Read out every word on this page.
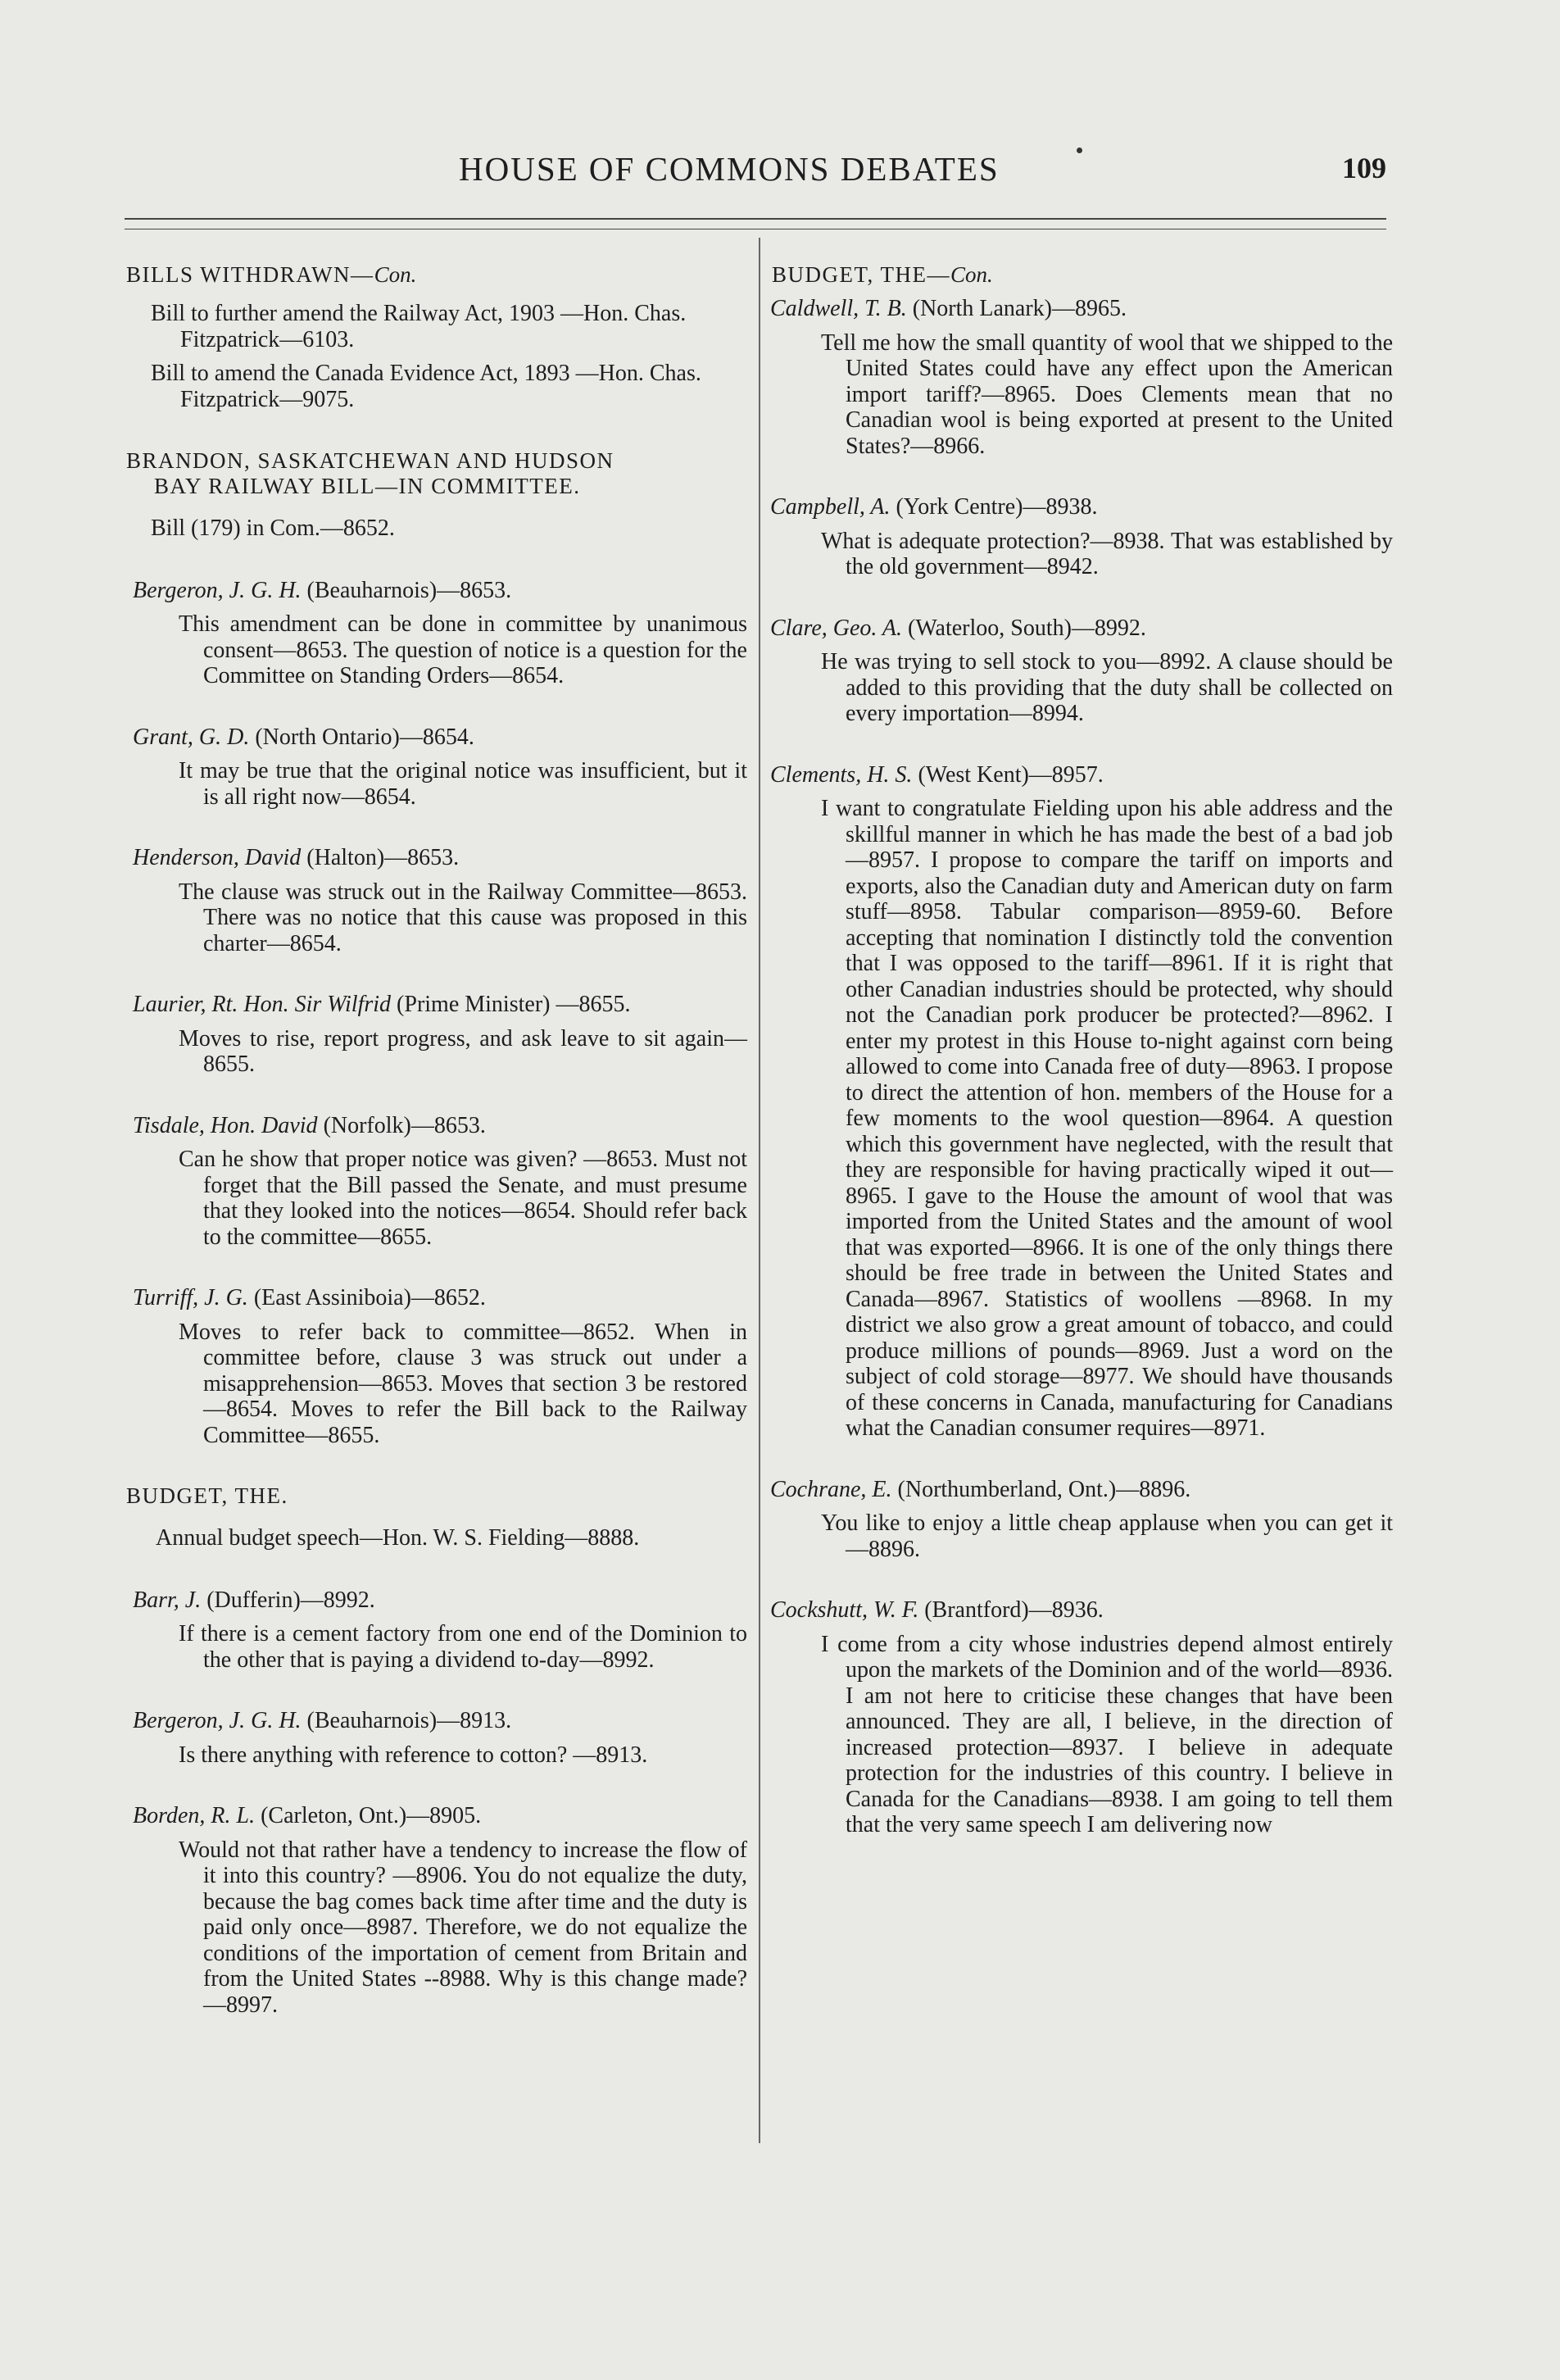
HOUSE OF COMMONS DEBATES	109
BILLS WITHDRAWN—Con.
Bill to further amend the Railway Act, 1903 —Hon. Chas. Fitzpatrick—6103.
Bill to amend the Canada Evidence Act, 1893 —Hon. Chas. Fitzpatrick—9075.
BRANDON, SASKATCHEWAN AND HUDSON
BAY RAILWAY BILL—IN COMMITTEE.
Bill (179) in Com.—8652.
Bergeron, J. G. H. (Beauharnois)—8653.
This amendment can be done in committee by unanimous consent—8653. The question of notice is a question for the Committee on Standing Orders—8654.
Grant, G. D. (North Ontario)—8654.
It may be true that the original notice was insufficient, but it is all right now—8654.
Henderson, David (Halton)—8653.
The clause was struck out in the Railway Committee—8653. There was no notice that this cause was proposed in this charter—8654.
Laurier, Rt. Hon. Sir Wilfrid (Prime Minister) —8655.
Moves to rise, report progress, and ask leave to sit again—8655.
Tisdale, Hon. David (Norfolk)—8653.
Can he show that proper notice was given? —8653. Must not forget that the Bill passed the Senate, and must presume that they looked into the notices—8654. Should refer back to the committee—8655.
Turriff, J. G. (East Assiniboia)—8652.
Moves to refer back to committee—8652. When in committee before, clause 3 was struck out under a misapprehension—8653. Moves that section 3 be restored—8654. Moves to refer the Bill back to the Railway Committee—8655.
BUDGET, THE.
Annual budget speech—Hon. W. S. Fielding—8888.
Barr, J. (Dufferin)—8992.
If there is a cement factory from one end of the Dominion to the other that is paying a dividend to-day—8992.
Bergeron, J. G. H. (Beauharnois)—8913.
Is there anything with reference to cotton? —8913.
Borden, R. L. (Carleton, Ont.)—8905.
Would not that rather have a tendency to increase the flow of it into this country? —8906. You do not equalize the duty, because the bag comes back time after time and the duty is paid only once—8987. Therefore, we do not equalize the conditions of the importation of cement from Britain and from the United States --8988. Why is this change made?—8997.
BUDGET, THE—Con.
Caldwell, T. B. (North Lanark)—8965.
Tell me how the small quantity of wool that we shipped to the United States could have any effect upon the American import tariff?—8965. Does Clements mean that no Canadian wool is being exported at present to the United States?—8966.
Campbell, A. (York Centre)—8938.
What is adequate protection?—8938. That was established by the old government—8942.
Clare, Geo. A. (Waterloo, South)—8992.
He was trying to sell stock to you—8992. A clause should be added to this providing that the duty shall be collected on every importation—8994.
Clements, H. S. (West Kent)—8957.
I want to congratulate Fielding upon his able address and the skillful manner in which he has made the best of a bad job —8957. I propose to compare the tariff on imports and exports, also the Canadian duty and American duty on farm stuff—8958. Tabular comparison—8959-60. Before accepting that nomination I distinctly told the convention that I was opposed to the tariff—8961. If it is right that other Canadian industries should be protected, why should not the Canadian pork producer be protected?—8962. I enter my protest in this House to-night against corn being allowed to come into Canada free of duty—8963. I propose to direct the attention of hon. members of the House for a few moments to the wool question—8964. A question which this government have neglected, with the result that they are responsible for having practically wiped it out—8965. I gave to the House the amount of wool that was imported from the United States and the amount of wool that was exported—8966. It is one of the only things there should be free trade in between the United States and Canada—8967. Statistics of woollens —8968. In my district we also grow a great amount of tobacco, and could produce millions of pounds—8969. Just a word on the subject of cold storage—8977. We should have thousands of these concerns in Canada, manufacturing for Canadians what the Canadian consumer requires—8971.
Cochrane, E. (Northumberland, Ont.)—8896.
You like to enjoy a little cheap applause when you can get it—8896.
Cockshutt, W. F. (Brantford)—8936.
I come from a city whose industries depend almost entirely upon the markets of the Dominion and of the world—8936. I am not here to criticise these changes that have been announced. They are all, I believe, in the direction of increased protection—8937. I believe in adequate protection for the industries of this country. I believe in Canada for the Canadians—8938. I am going to tell them that the very same speech I am delivering now
